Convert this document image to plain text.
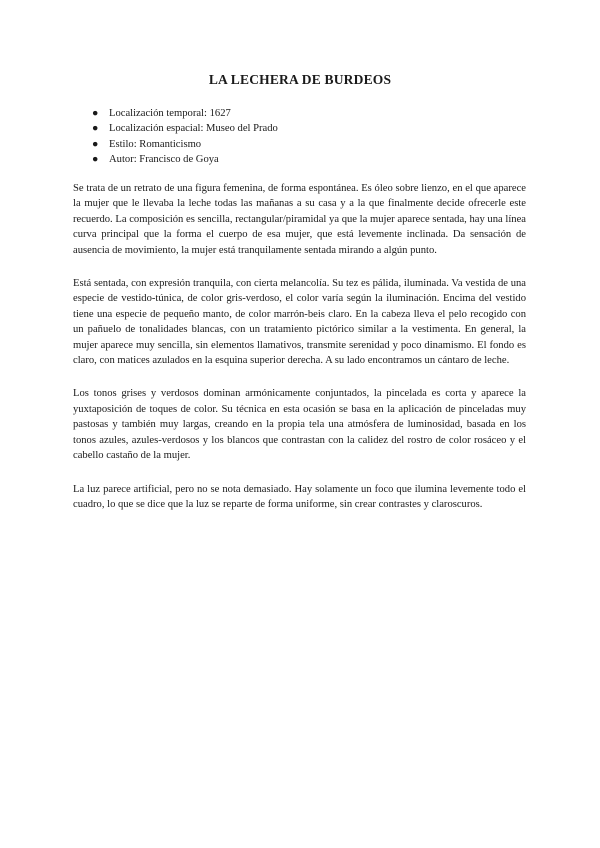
LA LECHERA DE BURDEOS
● Localización temporal: 1627
● Localización espacial: Museo del Prado
● Estilo: Romanticismo
● Autor: Francisco de Goya

Se trata de un retrato de una figura femenina, de forma espontánea. Es óleo sobre lienzo, en el que aparece la mujer que le llevaba la leche todas las mañanas a su casa y a la que finalmente decide ofrecerle este recuerdo. La composición es sencilla, rectangular/piramidal ya que la mujer aparece sentada, hay una línea curva principal que la forma el cuerpo de esa mujer, que está levemente inclinada. Da sensación de ausencia de movimiento, la mujer está tranquilamente sentada mirando a algún punto.

Está sentada, con expresión tranquila, con cierta melancolía. Su tez es pálida, iluminada. Va vestida de una especie de vestido-túnica, de color gris-verdoso, el color varía según la iluminación. Encima del vestido tiene una especie de pequeño manto, de color marrón-beis claro. En la cabeza lleva el pelo recogido con un pañuelo de tonalidades blancas, con un tratamiento pictórico similar a la vestimenta. En general, la mujer aparece muy sencilla, sin elementos llamativos, transmite serenidad y poco dinamismo. El fondo es claro, con matices azulados en la esquina superior derecha. A su lado encontramos un cántaro de leche.

Los tonos grises y verdosos dominan armónicamente conjuntados, la pincelada es corta y aparece la yuxtaposición de toques de color. Su técnica en esta ocasión se basa en la aplicación de pinceladas muy pastosas y también muy largas, creando en la propia tela una atmósfera de luminosidad, basada en los tonos azules, azules-verdosos y los blancos que contrastan con la calidez del rostro de color rosáceo y el cabello castaño de la mujer.

La luz parece artificial, pero no se nota demasiado. Hay solamente un foco que ilumina levemente todo el cuadro, lo que se dice que la luz se reparte de forma uniforme, sin crear contrastes y claroscuros.
